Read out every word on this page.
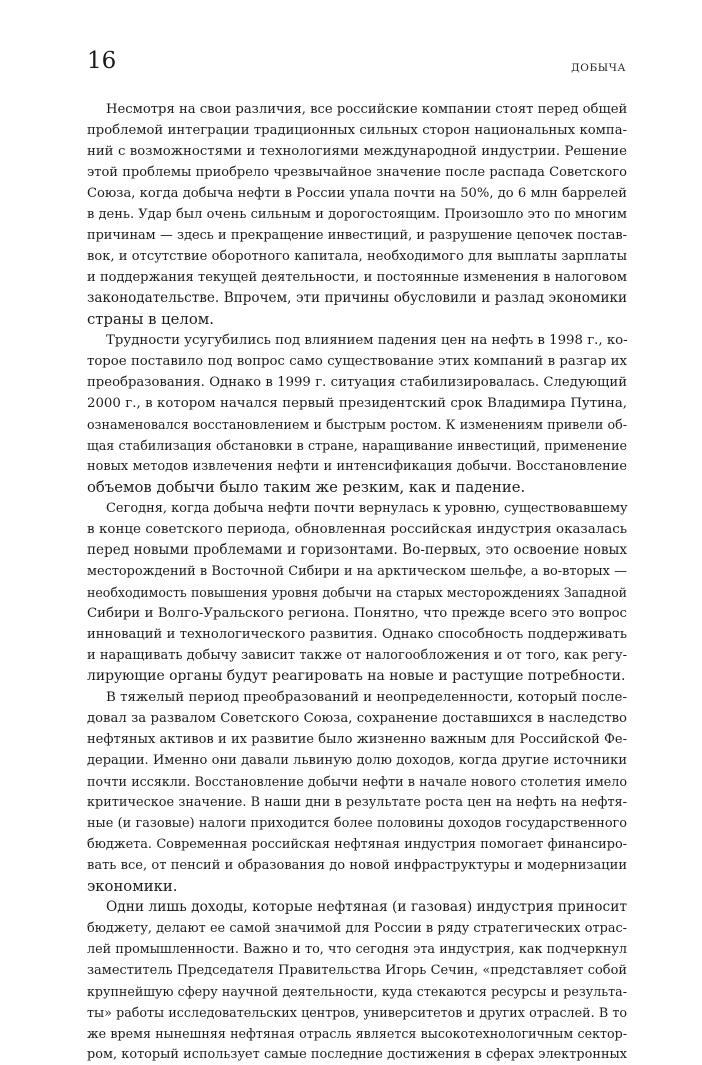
16	ДОБЫЧА

Несмотря на свои различия, все российские компании стоят перед общей
проблемой интеграции традиционных сильных сторон национальных компа-
ний с возможностями и технологиями международной индустрии. Решение
этой проблемы приобрело чрезвычайное значение после распада Советского
Союза, когда добыча нефти в России упала почти на 50%, до 6 млн баррелей
в день. Удар был очень сильным и дорогостоящим. Произошло это по многим
причинам — здесь и прекращение инвестиций, и разрушение цепочек постав-
вок, и отсутствие оборотного капитала, необходимого для выплаты зарплаты
и поддержания текущей деятельности, и постоянные изменения в налоговом
законодательстве. Впрочем, эти причины обусловили и разлад экономики
страны в целом.

Трудности усугубились под влиянием падения цен на нефть в 1998 г., ко-
торое поставило под вопрос само существование этих компаний в разгар их
преобразования. Однако в 1999 г. ситуация стабилизировалась. Следующий
2000 г., в котором начался первый президентский срок Владимира Путина,
ознаменовался восстановлением и быстрым ростом. К изменениям привели об-
щая стабилизация обстановки в стране, наращивание инвестиций, применение
новых методов извлечения нефти и интенсификация добычи. Восстановление
объемов добычи было таким же резким, как и падение.

Сегодня, когда добыча нефти почти вернулась к уровню, существовавшему
в конце советского периода, обновленная российская индустрия оказалась
перед новыми проблемами и горизонтами. Во-первых, это освоение новых
месторождений в Восточной Сибири и на арктическом шельфе, а во-вторых —
необходимость повышения уровня добычи на старых месторождениях Западной
Сибири и Волго-Уральского региона. Понятно, что прежде всего это вопрос
инноваций и технологического развития. Однако способность поддерживать
и наращивать добычу зависит также от налогообложения и от того, как регу-
лирующие органы будут реагировать на новые и растущие потребности.

В тяжелый период преобразований и неопределенности, который после-
довал за развалом Советского Союза, сохранение доставшихся в наследство
нефтяных активов и их развитие было жизненно важным для Российской Фе-
дерации. Именно они давали львиную долю доходов, когда другие источники
почти иссякли. Восстановление добычи нефти в начале нового столетия имело
критическое значение. В наши дни в результате роста цен на нефть на нефтя-
ные (и газовые) налоги приходится более половины доходов государственного
бюджета. Современная российская нефтяная индустрия помогает финансиро-
вать все, от пенсий и образования до новой инфраструктуры и модернизации
экономики.

Одни лишь доходы, которые нефтяная (и газовая) индустрия приносит
бюджету, делают ее самой значимой для России в ряду стратегических отрас-
лей промышленности. Важно и то, что сегодня эта индустрия, как подчеркнул
заместитель Председателя Правительства Игорь Сечин, «представляет собой
крупнейшую сферу научной деятельности, куда стекаются ресурсы и результа-
ты» работы исследовательских центров, университетов и других отраслей. В то
же время нынешняя нефтяная отрасль является высокотехнологичным сектор-
ром, который использует самые последние достижения в сферах электронных
